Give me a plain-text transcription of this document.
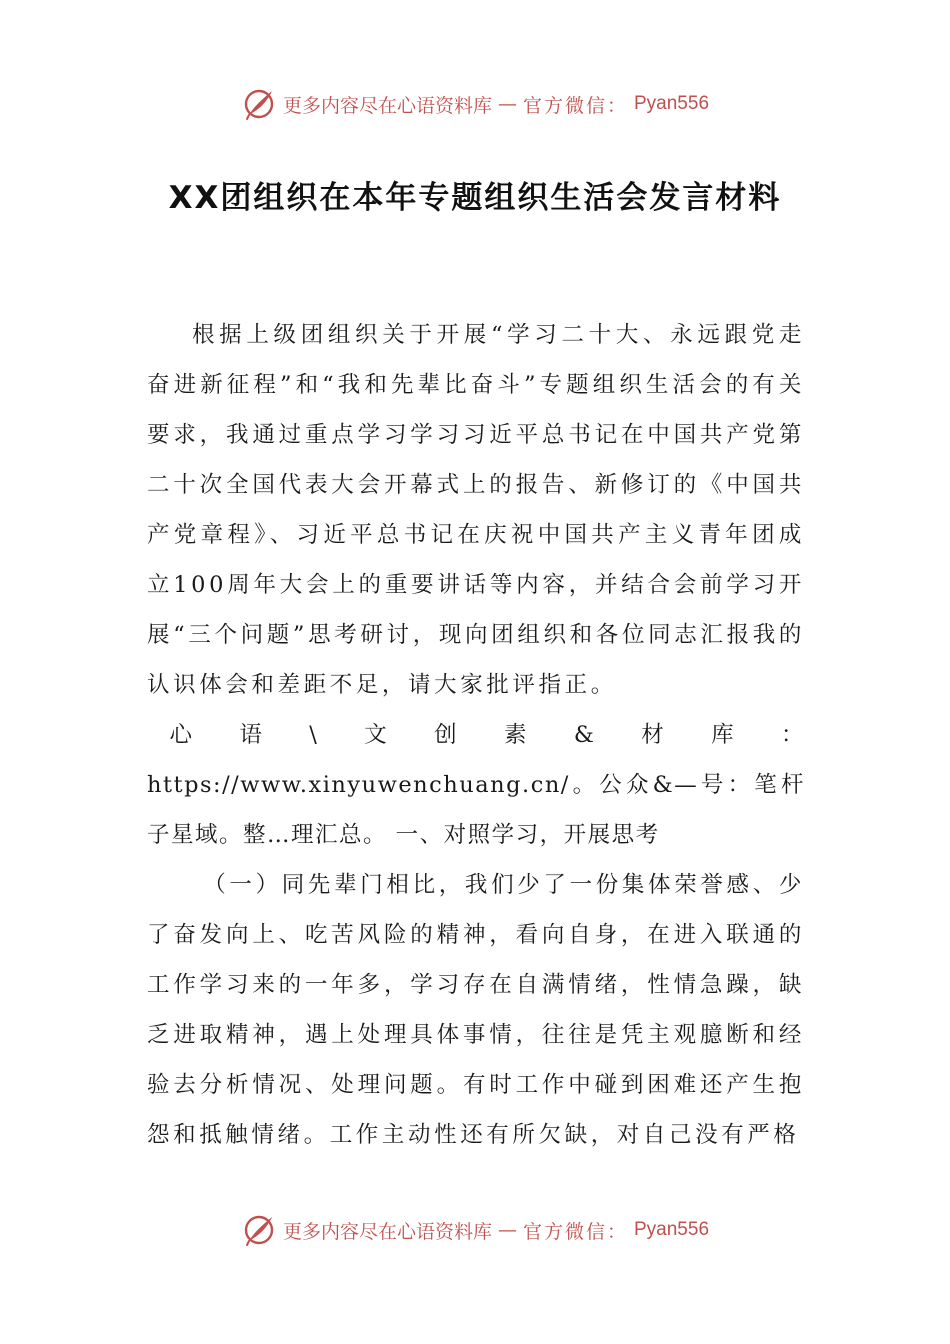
更多内容尽在心语资料库 — 官方微信： Pyan556
XX团组织在本年专题组织生活会发言材料

根据上级团组织关于开展“学习二十大、永远跟党走奋进新征程”和“我和先辈比奋斗”专题组织生活会的有关要求，我通过重点学习学习习近平总书记在中国共产党第二十次全国代表大会开幕式上的报告、新修订的《中国共产党章程》、习近平总书记在庆祝中国共产主义青年团成立100周年大会上的重要讲话等内容，并结合会前学习开展“三个问题”思考研讨，现向团组织和各位同志汇报我的认识体会和差距不足，请大家批评指正。

心语\文创素&材库：https://www.xinyuwenchuang.cn/。公众&—号：笔杆子星域。整…理汇总。 一、对照学习，开展思考

（一）同先辈门相比，我们少了一份集体荣誉感、少了奋发向上、吃苦风险的精神，看向自身，在进入联通的工作学习来的一年多，学习存在自满情绪，性情急躁，缺乏进取精神，遇上处理具体事情，往往是凭主观臆断和经验去分析情况、处理问题。有时工作中碰到困难还产生抱怨和抵触情绪。工作主动性还有所欠缺，对自己没有严格

更多内容尽在心语资料库 — 官方微信： Pyan556
